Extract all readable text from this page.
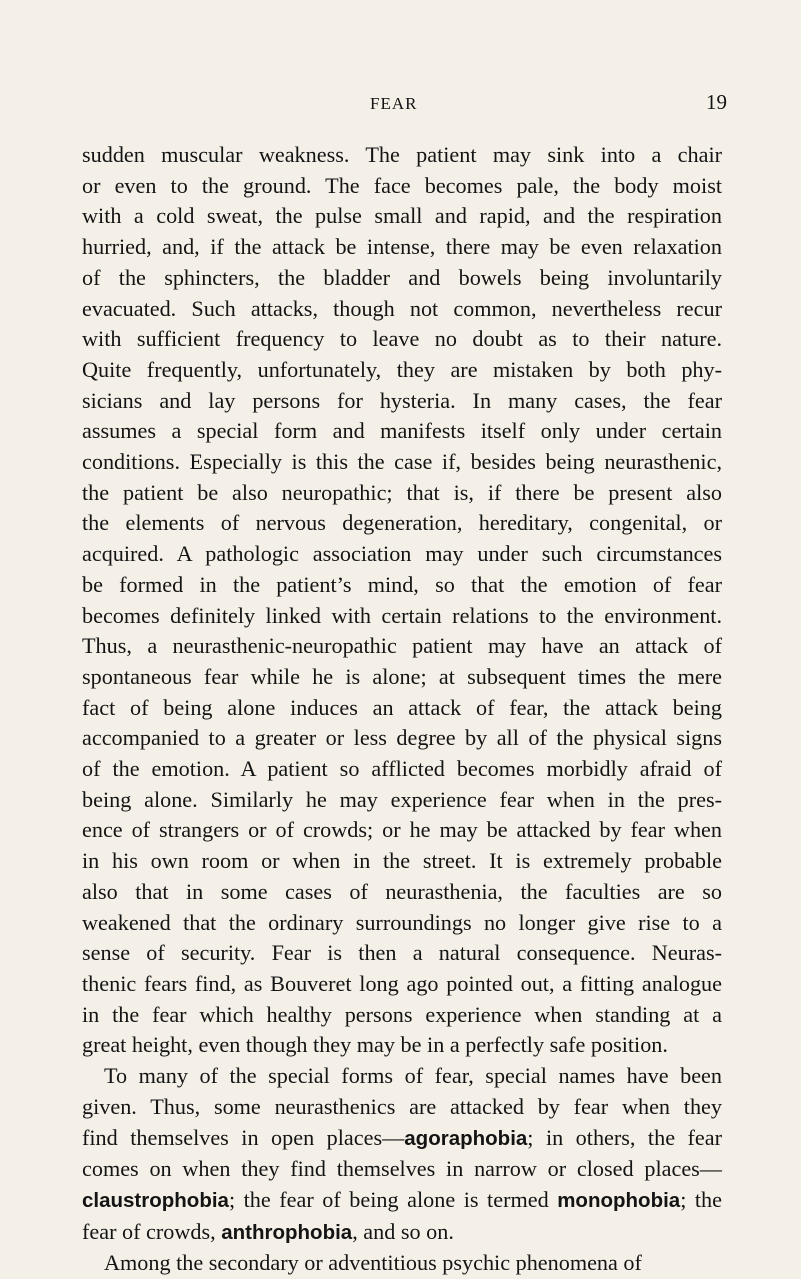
FEAR	19
sudden muscular weakness. The patient may sink into a chair
or even to the ground. The face becomes pale, the body moist
with a cold sweat, the pulse small and rapid, and the respiration
hurried, and, if the attack be intense, there may be even relaxation
of the sphincters, the bladder and bowels being involuntarily
evacuated. Such attacks, though not common, nevertheless recur
with sufficient frequency to leave no doubt as to their nature.
Quite frequently, unfortunately, they are mistaken by both phy-
sicians and lay persons for hysteria. In many cases, the fear
assumes a special form and manifests itself only under certain
conditions. Especially is this the case if, besides being neurasthenic,
the patient be also neuropathic; that is, if there be present also
the elements of nervous degeneration, hereditary, congenital, or
acquired. A pathologic association may under such circumstances
be formed in the patient’s mind, so that the emotion of fear
becomes definitely linked with certain relations to the environment.
Thus, a neurasthenic-neuropathic patient may have an attack of
spontaneous fear while he is alone; at subsequent times the mere
fact of being alone induces an attack of fear, the attack being
accompanied to a greater or less degree by all of the physical signs
of the emotion. A patient so afflicted becomes morbidly afraid of
being alone. Similarly he may experience fear when in the pres-
ence of strangers or of crowds; or he may be attacked by fear when
in his own room or when in the street. It is extremely probable
also that in some cases of neurasthenia, the faculties are so
weakened that the ordinary surroundings no longer give rise to a
sense of security. Fear is then a natural consequence. Neuras-
thenic fears find, as Bouveret long ago pointed out, a fitting analogue
in the fear which healthy persons experience when standing at a
great height, even though they may be in a perfectly safe position.
To many of the special forms of fear, special names have been
given. Thus, some neurasthenics are attacked by fear when they
find themselves in open places—agoraphobia; in others, the fear
comes on when they find themselves in narrow or closed places—
claustrophobia; the fear of being alone is termed monophobia; the
fear of crowds, anthrophobia, and so on.
Among the secondary or adventitious psychic phenomena of
